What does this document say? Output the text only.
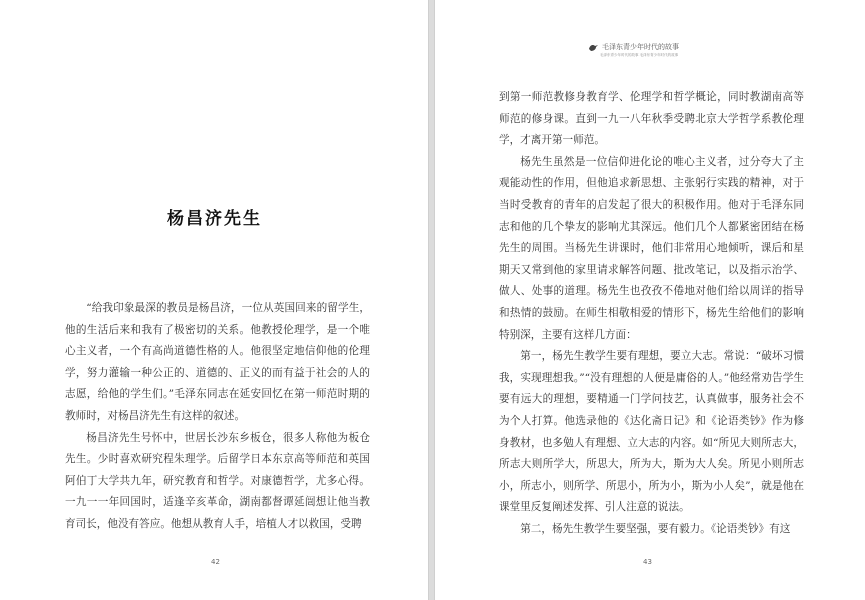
杨昌济先生

“给我印象最深的教员是杨昌济，一位从英国回来的留学生，他的生活后来和我有了极密切的关系。他教授伦理学，是一个唯心主义者，一个有高尚道德性格的人。他很坚定地信仰他的伦理学，努力灌输一种公正的、道德的、正义的而有益于社会的人的志愿，给他的学生们。”毛泽东同志在延安回忆在第一师范时期的教师时，对杨昌济先生有这样的叙述。

杨昌济先生号怀中，世居长沙东乡板仓，很多人称他为板仓先生。少时喜欢研究程朱理学。后留学日本东京高等师范和英国阿伯丁大学共九年，研究教育和哲学。对康德哲学，尤多心得。一九一一年回国时，适逢辛亥革命，湖南都督谭延闿想让他当教育司长，他没有答应。他想从教育人手，培植人才以救国，受聘

42
毛泽东青少年时代的故事
毛泽东青少年时代的故事 毛泽东青少年时代的故事

到第一师范教修身教育学、伦理学和哲学概论，同时教湖南高等师范的修身课。直到一九一八年秋季受聘北京大学哲学系教伦理学，才离开第一师范。

杨先生虽然是一位信仰进化论的唯心主义者，过分夸大了主观能动性的作用，但他追求新思想、主张躬行实践的精神，对于当时受教育的青年的启发起了很大的积极作用。他对于毛泽东同志和他的几个挚友的影响尤其深远。他们几个人都紧密团结在杨先生的周围。当杨先生讲课时，他们非常用心地倾听，课后和星期天又常到他的家里请求解答问题、批改笔记，以及指示治学、做人、处事的道理。杨先生也孜孜不倦地对他们给以周详的指导和热情的鼓励。在师生相敬相爱的情形下，杨先生给他们的影响特别深，主要有这样几方面：

第一，杨先生教学生要有理想，要立大志。常说：“破坏习惯我，实现理想我。”“没有理想的人便是庸俗的人。”他经常劝告学生要有远大的理想，要精通一门学问技艺，认真做事，服务社会不为个人打算。他选录他的《达化斋日记》和《论语类钞》作为修身教材，也多勉人有理想、立大志的内容。如“所见大则所志大，所志大则所学大，所思大，所为大，斯为大人矣。所见小则所志小，所志小，则所学、所思小，所为小，斯为小人矣”，就是他在课堂里反复阐述发挥、引人注意的说法。

第二，杨先生教学生要坚强，要有毅力。《论语类钞》有这

43
